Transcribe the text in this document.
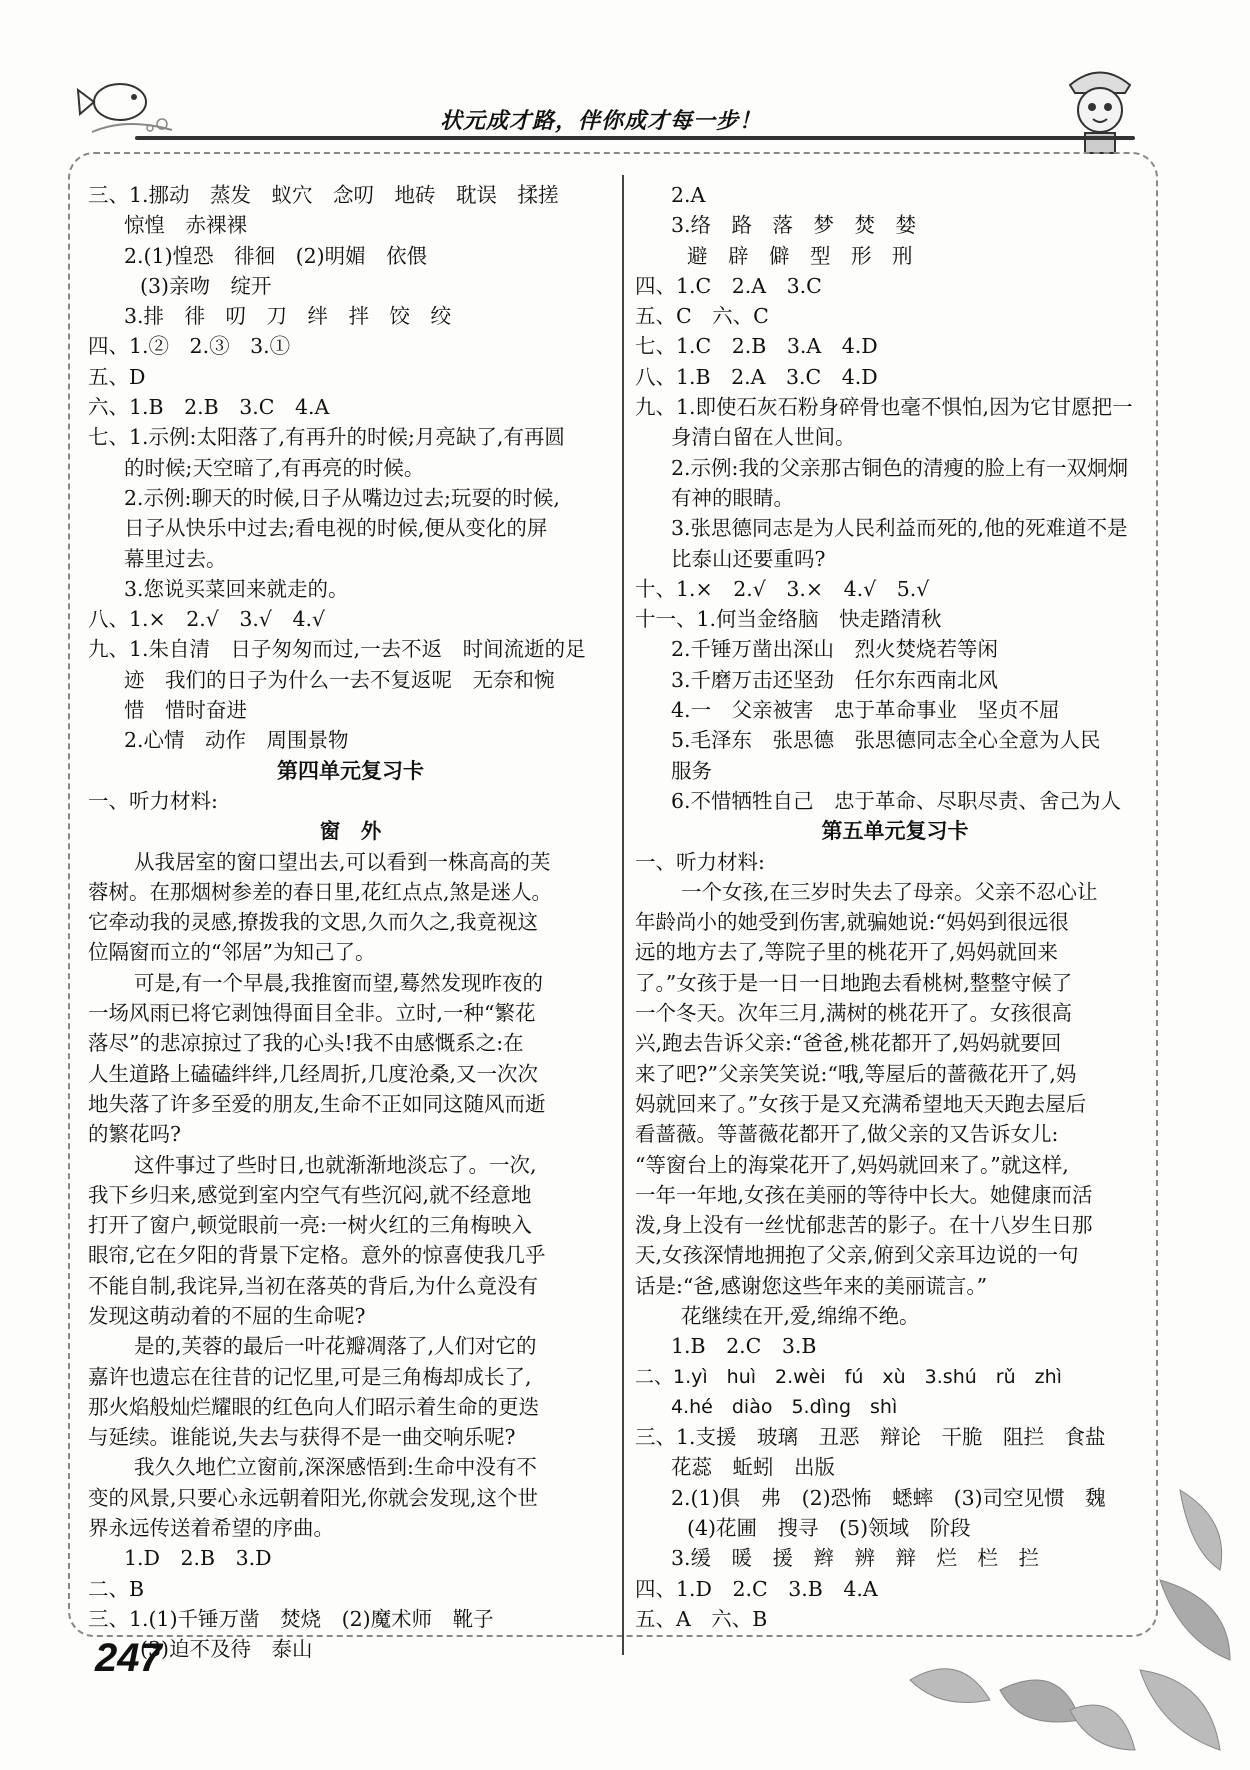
状元成才路，伴你成才每一步！
三、1.挪动　蒸发　蚁穴　念叨　地砖　耽误　揉搓
惊惶　赤裸裸
2.(1)惶恐　徘徊　(2)明媚　依偎
(3)亲吻　绽开
3.排　徘　叨　刀　绊　拌　饺　绞
四、1.②　2.③　3.①
五、D
六、1.B　2.B　3.C　4.A
七、1.示例:太阳落了,有再升的时候;月亮缺了,有再圆
的时候;天空暗了,有再亮的时候。
2.示例:聊天的时候,日子从嘴边过去;玩耍的时候,
日子从快乐中过去;看电视的时候,便从变化的屏
幕里过去。
3.您说买菜回来就走的。
八、1.×　2.√　3.√　4.√
九、1.朱自清　日子匆匆而过,一去不返　时间流逝的足
迹　我们的日子为什么一去不复返呢　无奈和惋
惜　惜时奋进
2.心情　动作　周围景物
第四单元复习卡
一、听力材料:
窗　外
从我居室的窗口望出去,可以看到一株高高的芙
蓉树。在那烟树参差的春日里,花红点点,煞是迷人。
它牵动我的灵感,撩拨我的文思,久而久之,我竟视这
位隔窗而立的“邻居”为知己了。
可是,有一个早晨,我推窗而望,蓦然发现昨夜的
一场风雨已将它剥蚀得面目全非。立时,一种“繁花
落尽”的悲凉掠过了我的心头!我不由感慨系之:在
人生道路上磕磕绊绊,几经周折,几度沧桑,又一次次
地失落了许多至爱的朋友,生命不正如同这随风而逝
的繁花吗?
这件事过了些时日,也就渐渐地淡忘了。一次,
我下乡归来,感觉到室内空气有些沉闷,就不经意地
打开了窗户,顿觉眼前一亮:一树火红的三角梅映入
眼帘,它在夕阳的背景下定格。意外的惊喜使我几乎
不能自制,我诧异,当初在落英的背后,为什么竟没有
发现这萌动着的不屈的生命呢?
是的,芙蓉的最后一叶花瓣凋落了,人们对它的
嘉许也遗忘在往昔的记忆里,可是三角梅却成长了,
那火焰般灿烂耀眼的红色向人们昭示着生命的更迭
与延续。谁能说,失去与获得不是一曲交响乐呢?
我久久地伫立窗前,深深感悟到:生命中没有不
变的风景,只要心永远朝着阳光,你就会发现,这个世
界永远传送着希望的序曲。
1.D　2.B　3.D
二、B
三、1.(1)千锤万凿　焚烧　(2)魔术师　靴子
(3)迫不及待　泰山
2.A
3.络　路　落　梦　焚　婪
避　辟　僻　型　形　刑
四、1.C　2.A　3.C
五、C　六、C
七、1.C　2.B　3.A　4.D
八、1.B　2.A　3.C　4.D
九、1.即使石灰石粉身碎骨也毫不惧怕,因为它甘愿把一
身清白留在人世间。
2.示例:我的父亲那古铜色的清瘦的脸上有一双炯炯
有神的眼睛。
3.张思德同志是为人民利益而死的,他的死难道不是
比泰山还要重吗?
十、1.×　2.√　3.×　4.√　5.√
十一、1.何当金络脑　快走踏清秋
2.千锤万凿出深山　烈火焚烧若等闲
3.千磨万击还坚劲　任尔东西南北风
4.一　父亲被害　忠于革命事业　坚贞不屈
5.毛泽东　张思德　张思德同志全心全意为人民
服务
6.不惜牺牲自己　忠于革命、尽职尽责、舍己为人
第五单元复习卡
一、听力材料:
一个女孩,在三岁时失去了母亲。父亲不忍心让
年龄尚小的她受到伤害,就骗她说:“妈妈到很远很
远的地方去了,等院子里的桃花开了,妈妈就回来
了。”女孩于是一日一日地跑去看桃树,整整守候了
一个冬天。次年三月,满树的桃花开了。女孩很高
兴,跑去告诉父亲:“爸爸,桃花都开了,妈妈就要回
来了吧?”父亲笑笑说:“哦,等屋后的蔷薇花开了,妈
妈就回来了。”女孩于是又充满希望地天天跑去屋后
看蔷薇。等蔷薇花都开了,做父亲的又告诉女儿:
“等窗台上的海棠花开了,妈妈就回来了。”就这样,
一年一年地,女孩在美丽的等待中长大。她健康而活
泼,身上没有一丝忧郁悲苦的影子。在十八岁生日那
天,女孩深情地拥抱了父亲,俯到父亲耳边说的一句
话是:“爸,感谢您这些年来的美丽谎言。”
花继续在开,爱,绵绵不绝。
1.B　2.C　3.B
二、1.yì　huì　2.wèi　fú　xù　3.shú　rǔ　zhì
4.hé　diào　5.dìng　shì
三、1.支援　玻璃　丑恶　辩论　干脆　阻拦　食盐
花蕊　蚯蚓　出版
2.(1)俱　弗　(2)恐怖　蟋蟀　(3)司空见惯　魏
(4)花圃　搜寻　(5)领域　阶段
3.缓　暖　援　辫　辨　辩　烂　栏　拦
四、1.D　2.C　3.B　4.A
五、A　六、B
247
